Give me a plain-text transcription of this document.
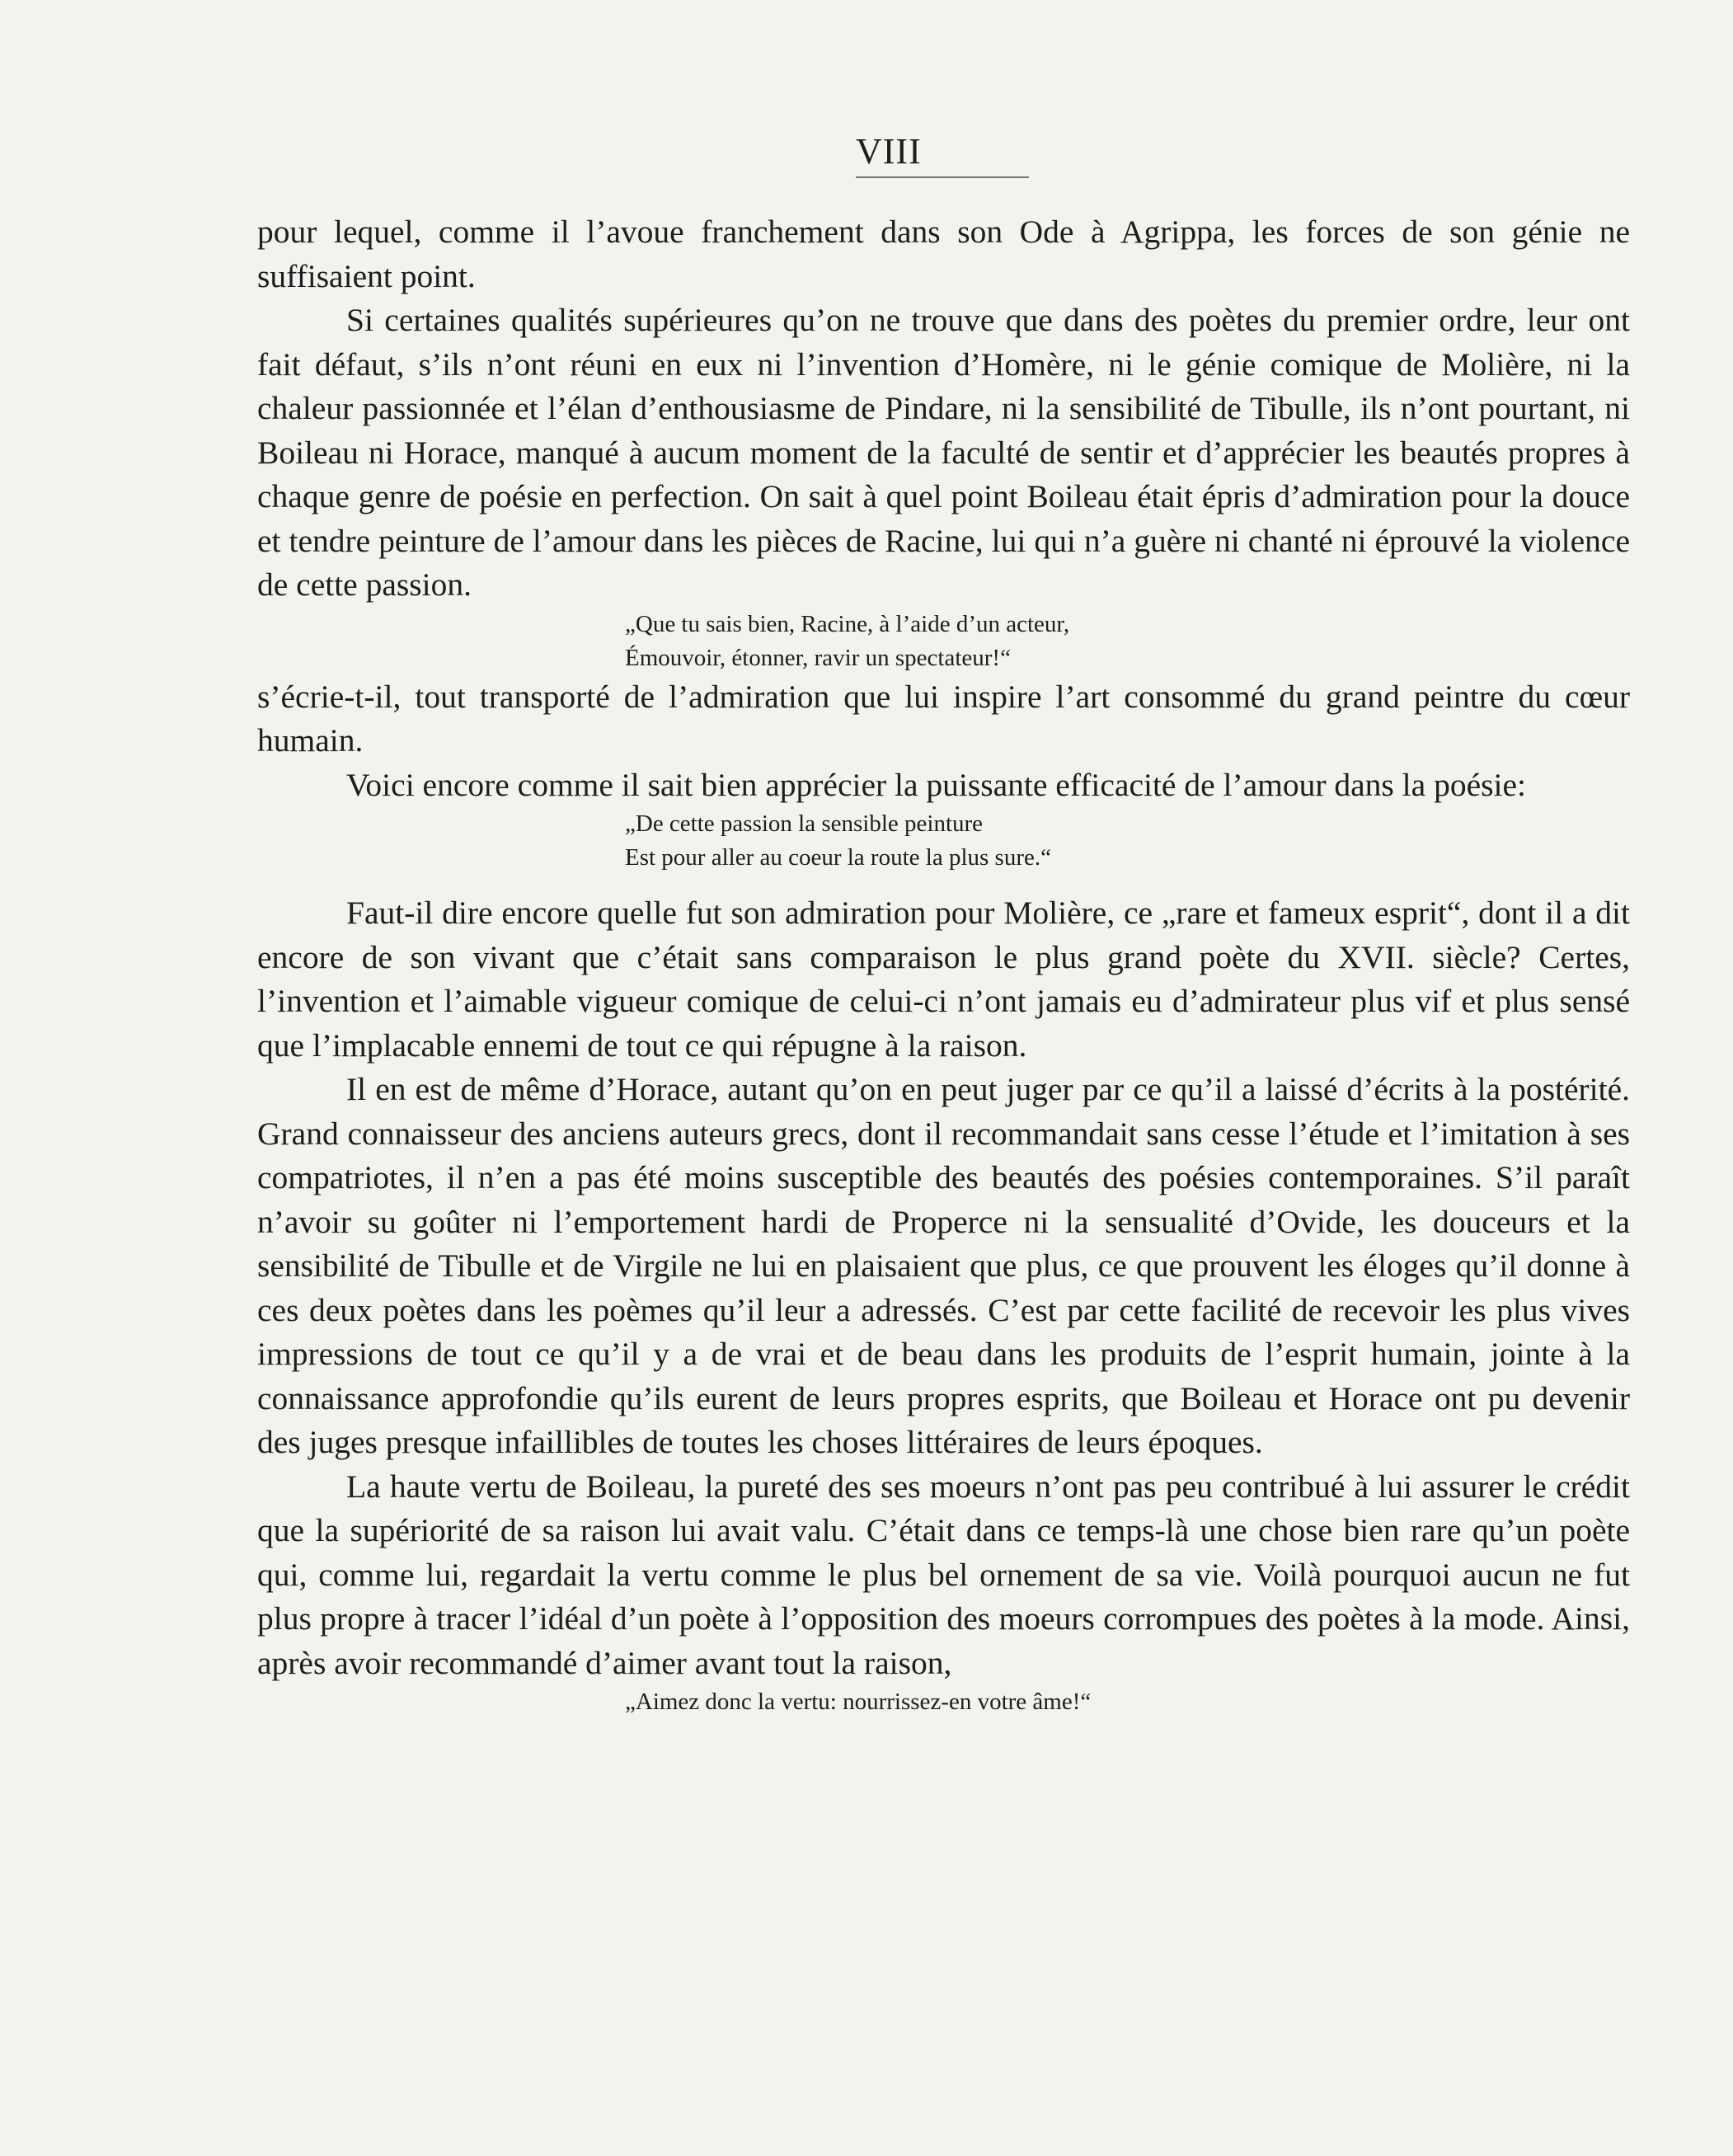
VIII

pour lequel, comme il l’avoue franchement dans son Ode à Agrippa, les forces de son génie ne suffisaient point.

Si certaines qualités supérieures qu’on ne trouve que dans des poètes du premier ordre, leur ont fait défaut, s’ils n’ont réuni en eux ni l’invention d’Homère, ni le génie comique de Molière, ni la chaleur passionnée et l’élan d’enthousiasme de Pindare, ni la sensibilité de Tibulle, ils n’ont pourtant, ni Boileau ni Horace, manqué à aucum moment de la faculté de sentir et d’apprécier les beautés propres à chaque genre de poésie en perfection. On sait à quel point Boileau était épris d’admiration pour la douce et tendre peinture de l’amour dans les pièces de Racine, lui qui n’a guère ni chanté ni éprouvé la violence de cette passion.

„Que tu sais bien, Racine, à l’aide d’un acteur,
Émouvoir, étonner, ravir un spectateur!“

s’écrie-t-il, tout transporté de l’admiration que lui inspire l’art consommé du grand peintre du cœur humain.

Voici encore comme il sait bien apprécier la puissante efficacité de l’amour dans la poésie:

„De cette passion la sensible peinture
Est pour aller au coeur la route la plus sure.“

Faut-il dire encore quelle fut son admiration pour Molière, ce „rare et fameux esprit“, dont il a dit encore de son vivant que c’était sans comparaison le plus grand poète du XVII. siècle? Certes, l’invention et l’aimable vigueur comique de celui-ci n’ont jamais eu d’admirateur plus vif et plus sensé que l’implacable ennemi de tout ce qui répugne à la raison.

Il en est de même d’Horace, autant qu’on en peut juger par ce qu’il a laissé d’écrits à la postérité. Grand connaisseur des anciens auteurs grecs, dont il recommandait sans cesse l’étude et l’imitation à ses compatriotes, il n’en a pas été moins susceptible des beautés des poésies contemporaines. S’il paraît n’avoir su goûter ni l’emportement hardi de Properce ni la sensualité d’Ovide, les douceurs et la sensibilité de Tibulle et de Virgile ne lui en plaisaient que plus, ce que prouvent les éloges qu’il donne à ces deux poètes dans les poèmes qu’il leur a adressés. C’est par cette facilité de recevoir les plus vives impressions de tout ce qu’il y a de vrai et de beau dans les produits de l’esprit humain, jointe à la connaissance approfondie qu’ils eurent de leurs propres esprits, que Boileau et Horace ont pu devenir des juges presque infaillibles de toutes les choses littéraires de leurs époques.

La haute vertu de Boileau, la pureté des ses moeurs n’ont pas peu contribué à lui assurer le crédit que la supériorité de sa raison lui avait valu. C’était dans ce temps-là une chose bien rare qu’un poète qui, comme lui, regardait la vertu comme le plus bel ornement de sa vie. Voilà pourquoi aucun ne fut plus propre à tracer l’idéal d’un poète à l’opposition des moeurs corrompues des poètes à la mode. Ainsi, après avoir recommandé d’aimer avant tout la raison,

„Aimez donc la vertu: nourrissez-en votre âme!“
